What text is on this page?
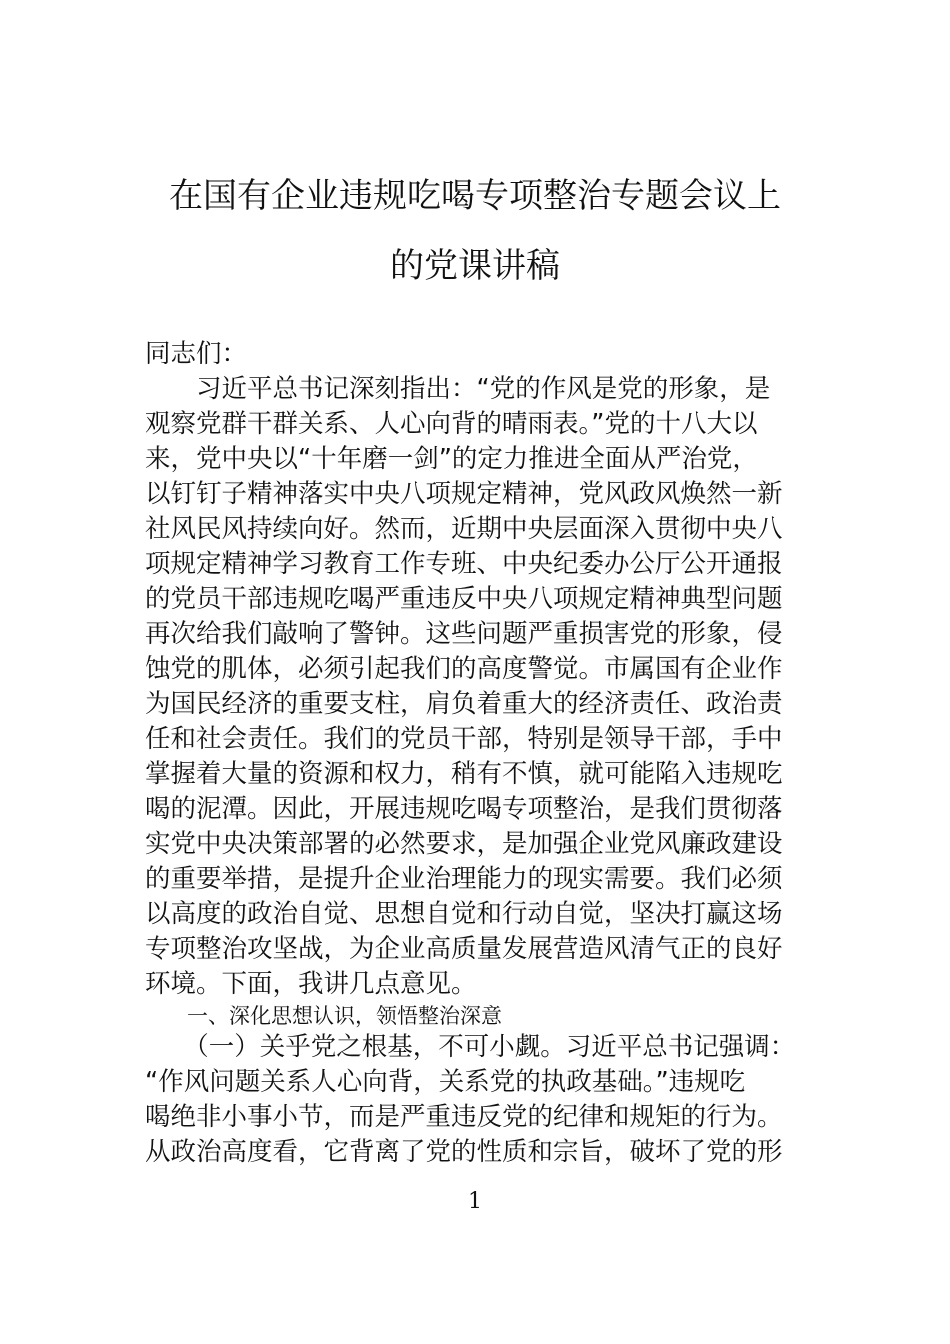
在国有企业违规吃喝专项整治专题会议上
的党课讲稿
同志们：
　　习近平总书记深刻指出：“党的作风是党的形象，是
观察党群干群关系、人心向背的晴雨表。”党的十八大以
来，党中央以“十年磨一剑”的定力推进全面从严治党，
以钉钉子精神落实中央八项规定精神，党风政风焕然一新
社风民风持续向好。然而，近期中央层面深入贯彻中央八
项规定精神学习教育工作专班、中央纪委办公厅公开通报
的党员干部违规吃喝严重违反中央八项规定精神典型问题
再次给我们敲响了警钟。这些问题严重损害党的形象，侵
蚀党的肌体，必须引起我们的高度警觉。市属国有企业作
为国民经济的重要支柱，肩负着重大的经济责任、政治责
任和社会责任。我们的党员干部，特别是领导干部，手中
掌握着大量的资源和权力，稍有不慎，就可能陷入违规吃
喝的泥潭。因此，开展违规吃喝专项整治，是我们贯彻落
实党中央决策部署的必然要求，是加强企业党风廉政建设
的重要举措，是提升企业治理能力的现实需要。我们必须
以高度的政治自觉、思想自觉和行动自觉，坚决打赢这场
专项整治攻坚战，为企业高质量发展营造风清气正的良好
环境。下面，我讲几点意见。
　　一、深化思想认识，领悟整治深意
　　（一）关乎党之根基，不可小觑。习近平总书记强调：
“作风问题关系人心向背，关系党的执政基础。”违规吃
喝绝非小事小节，而是严重违反党的纪律和规矩的行为。
从政治高度看，它背离了党的性质和宗旨，破坏了党的形
1
